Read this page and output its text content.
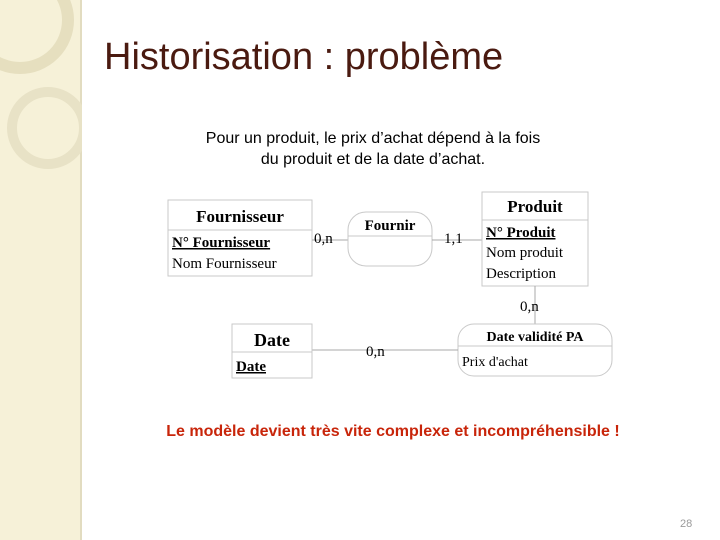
Historisation : problème
Pour un produit, le prix d’achat dépend à la fois
du produit et de la date d’achat.
Fournisseur
N° Fournisseur
Nom Fournisseur
0,n
Fournir
1,1
Produit
N° Produit
Nom produit
Description
0,n
Date validité PA
Prix d'achat
0,n
Date
Date
Le modèle devient très vite complexe et incompréhensible !
28
